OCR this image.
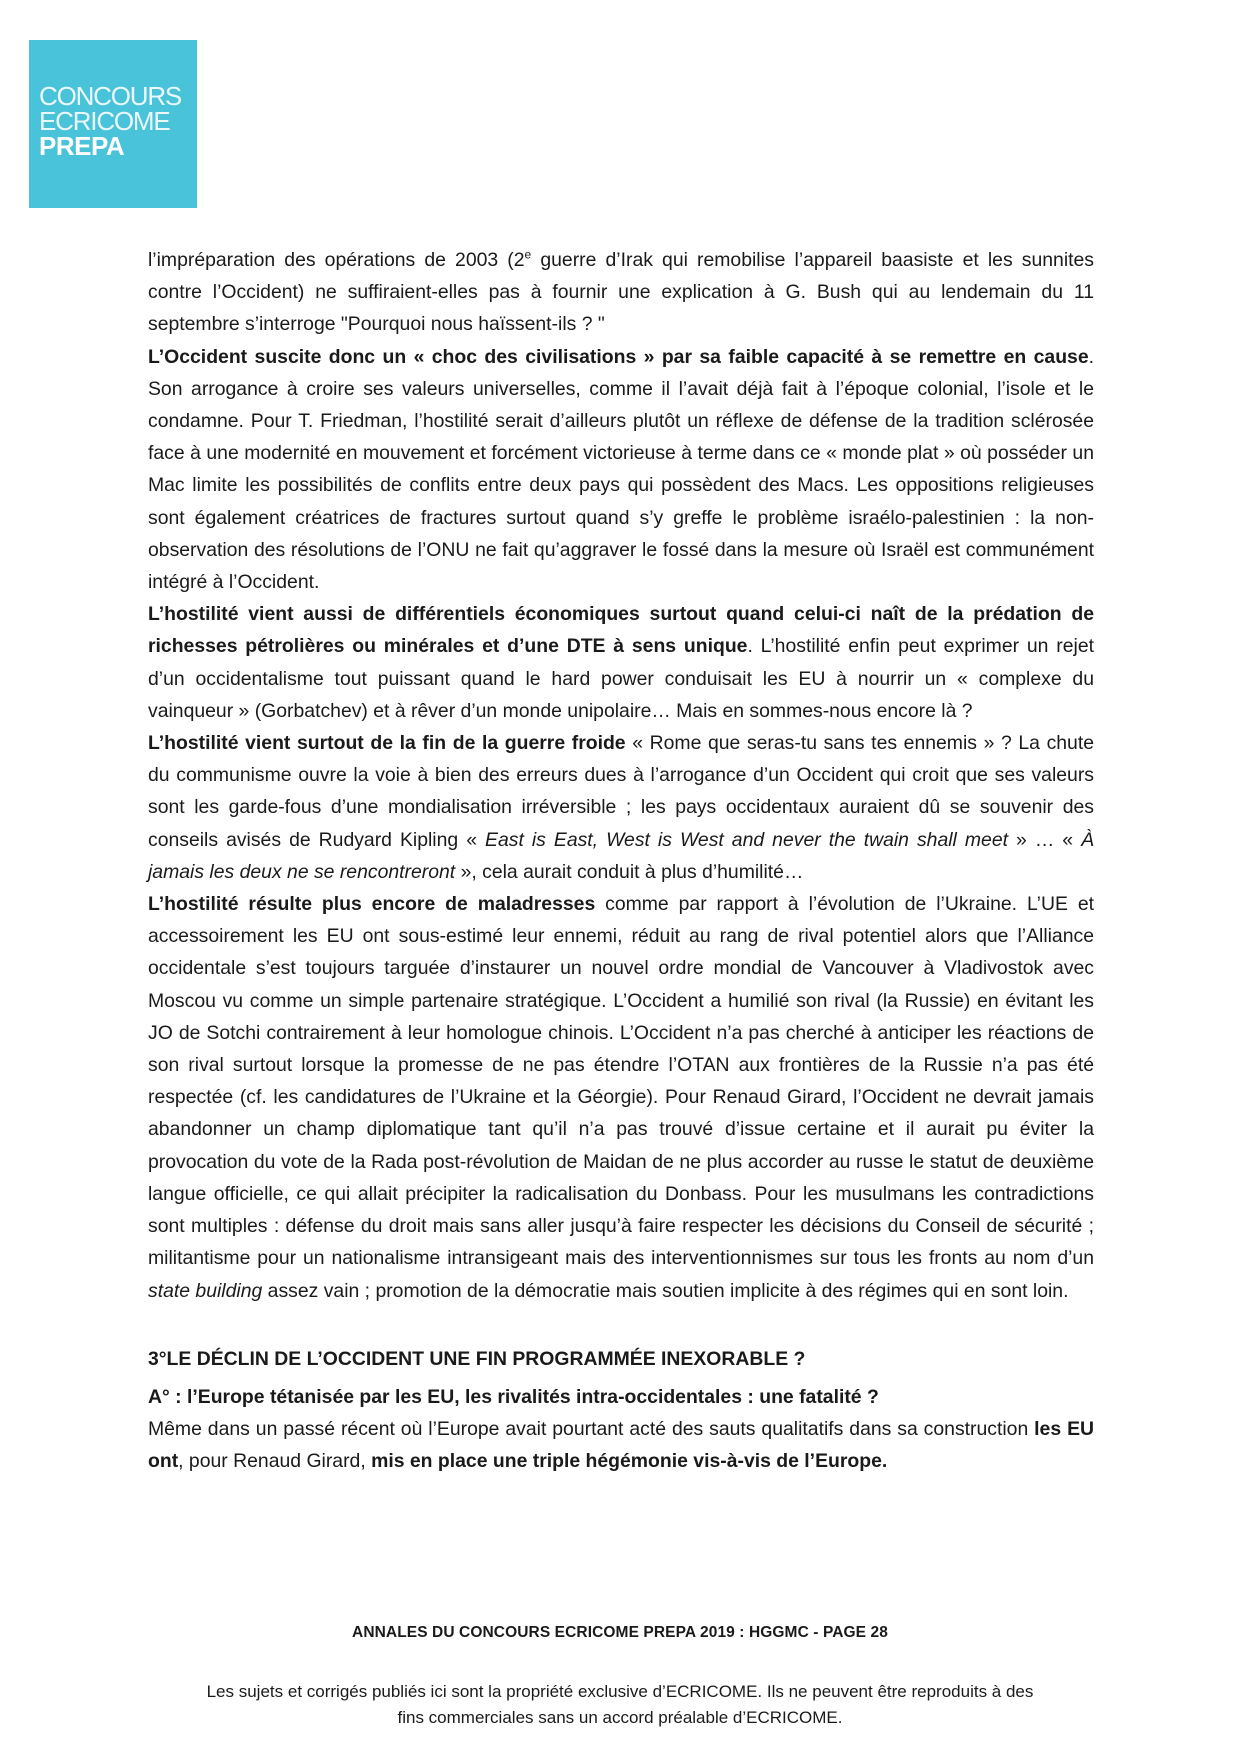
CONCOURS
ECRICOME
PREPA

l’impréparation des opérations de 2003 (2e guerre d’Irak qui remobilise l’appareil baasiste et les sunnites contre l’Occident) ne suffiraient-elles pas à fournir une explication à G. Bush qui au lendemain du 11 septembre s’interroge "Pourquoi nous haïssent-ils ? "

L’Occident suscite donc un « choc des civilisations » par sa faible capacité à se remettre en cause. Son arrogance à croire ses valeurs universelles, comme il l’avait déjà fait à l’époque colonial, l’isole et le condamne. Pour T. Friedman, l’hostilité serait d’ailleurs plutôt un réflexe de défense de la tradition sclérosée face à une modernité en mouvement et forcément victorieuse à terme dans ce « monde plat » où posséder un Mac limite les possibilités de conflits entre deux pays qui possèdent des Macs. Les oppositions religieuses sont également créatrices de fractures surtout quand s’y greffe le problème israélo-palestinien : la non-observation des résolutions de l’ONU ne fait qu’aggraver le fossé dans la mesure où Israël est communément intégré à l’Occident.

L’hostilité vient aussi de différentiels économiques surtout quand celui-ci naît de la prédation de richesses pétrolières ou minérales et d’une DTE à sens unique. L’hostilité enfin peut exprimer un rejet d’un occidentalisme tout puissant quand le hard power conduisait les EU à nourrir un « complexe du vainqueur » (Gorbatchev) et à rêver d’un monde unipolaire… Mais en sommes-nous encore là ?

L’hostilité vient surtout de la fin de la guerre froide « Rome que seras-tu sans tes ennemis » ? La chute du communisme ouvre la voie à bien des erreurs dues à l’arrogance d’un Occident qui croit que ses valeurs sont les garde-fous d’une mondialisation irréversible ; les pays occidentaux auraient dû se souvenir des conseils avisés de Rudyard Kipling « East is East, West is West and never the twain shall meet » … « À jamais les deux ne se rencontreront », cela aurait conduit à plus d’humilité…

L’hostilité résulte plus encore de maladresses comme par rapport à l’évolution de l’Ukraine. L’UE et accessoirement les EU ont sous-estimé leur ennemi, réduit au rang de rival potentiel alors que l’Alliance occidentale s’est toujours targuée d’instaurer un nouvel ordre mondial de Vancouver à Vladivostok avec Moscou vu comme un simple partenaire stratégique. L’Occident a humilié son rival (la Russie) en évitant les JO de Sotchi contrairement à leur homologue chinois. L’Occident n’a pas cherché à anticiper les réactions de son rival surtout lorsque la promesse de ne pas étendre l’OTAN aux frontières de la Russie n’a pas été respectée (cf. les candidatures de l’Ukraine et la Géorgie). Pour Renaud Girard, l’Occident ne devrait jamais abandonner un champ diplomatique tant qu’il n’a pas trouvé d’issue certaine et il aurait pu éviter la provocation du vote de la Rada post-révolution de Maidan de ne plus accorder au russe le statut de deuxième langue officielle, ce qui allait précipiter la radicalisation du Donbass. Pour les musulmans les contradictions sont multiples : défense du droit mais sans aller jusqu’à faire respecter les décisions du Conseil de sécurité ; militantisme pour un nationalisme intransigeant mais des interventionnismes sur tous les fronts au nom d’un state building assez vain ; promotion de la démocratie mais soutien implicite à des régimes qui en sont loin.

3°LE DÉCLIN DE L’OCCIDENT UNE FIN PROGRAMMÉE INEXORABLE ?

A° : l’Europe tétanisée par les EU, les rivalités intra-occidentales : une fatalité ?

Même dans un passé récent où l’Europe avait pourtant acté des sauts qualitatifs dans sa construction les EU ont, pour Renaud Girard, mis en place une triple hégémonie vis-à-vis de l’Europe.

ANNALES DU CONCOURS ECRICOME PREPA 2019 : HGGMC - PAGE 28
Les sujets et corrigés publiés ici sont la propriété exclusive d’ECRICOME. Ils ne peuvent être reproduits à des
fins commerciales sans un accord préalable d’ECRICOME.
